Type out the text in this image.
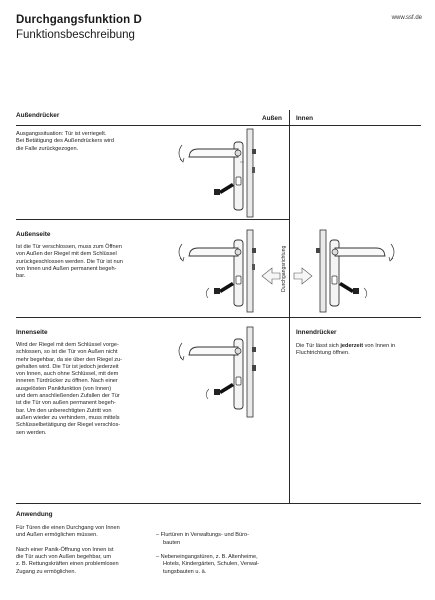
Durchgangsfunktion D
Funktionsbeschreibung
www.ssf.de
Außen Innen
Außendrücker
Ausgangssituation: Tür ist verriegelt.
Bei Betätigung des Außendrückers wird
die Falle zurückgezogen.
Außenseite
Ist die Tür verschlossen, muss zum Öffnen
von Außen der Riegel mit dem Schlüssel
zurückgeschlossen werden. Die Tür ist nun
von Innen und Außen permanent begeh-
bar.
Innenseite
Wird der Riegel mit dem Schlüssel vorge-
schlossen, so ist die Tür von Außen nicht
mehr begehbar, da sie über den Riegel zu-
gehalten wird. Die Tür ist jedoch jederzeit
von Innen, auch ohne Schlüssel, mit dem
inneren Türdrücker zu öffnen. Nach einer
ausgelösten Panikfunktion (von Innen)
und dem anschließenden Zufallen der Tür
ist die Tür von außen permanent begeh-
bar. Um den unberechtigten Zutritt von
außen wieder zu verhindern, muss mittels
Schlüsselbetätigung der Riegel verschlos-
sen werden.
Innendrücker
Die Tür lässt sich jederzeit von Innen in
Fluchtrichtung öffnen.
Durchgangsrichtung
Anwendung
Für Türen die einen Durchgang von Innen
und Außen ermöglichen müssen.
Nach einer Panik-Öffnung von Innen ist
die Tür auch von Außen begehbar, um
z. B. Rettungskräften einen problemlosen
Zugang zu ermöglichen.

– Flurtüren in Verwaltungs- und Büro-
bauten

– Nebeneingangstüren, z. B. Altenheime,
Hotels, Kindergärten, Schulen, Verwal-
tungsbauten u. ä.
